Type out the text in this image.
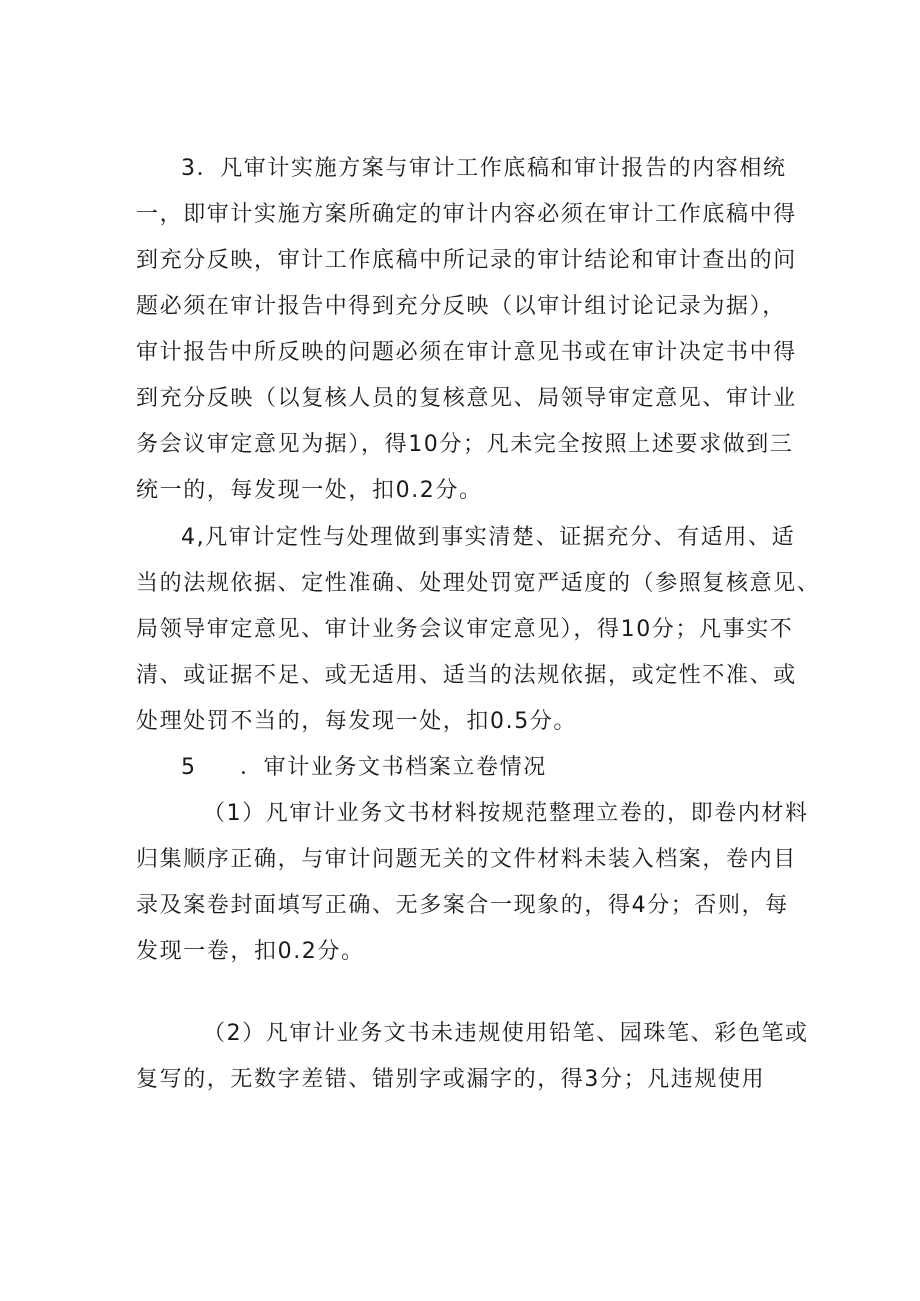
3．凡审计实施方案与审计工作底稿和审计报告的内容相统
一，即审计实施方案所确定的审计内容必须在审计工作底稿中得
到充分反映，审计工作底稿中所记录的审计结论和审计查出的问
题必须在审计报告中得到充分反映（以审计组讨论记录为据），
审计报告中所反映的问题必须在审计意见书或在审计决定书中得
到充分反映（以复核人员的复核意见、局领导审定意见、审计业
务会议审定意见为据），得10分；凡未完全按照上述要求做到三
统一的，每发现一处，扣0.2分。
4,凡审计定性与处理做到事实清楚、证据充分、有适用、适
当的法规依据、定性准确、处理处罚宽严适度的（参照复核意见、
局领导审定意见、审计业务会议审定意见），得10分；凡事实不
清、或证据不足、或无适用、适当的法规依据，或定性不准、或
处理处罚不当的，每发现一处，扣0.5分。
5 ．审计业务文书档案立卷情况
（1）凡审计业务文书材料按规范整理立卷的，即卷内材料
归集顺序正确，与审计问题无关的文件材料未装入档案，卷内目
录及案卷封面填写正确、无多案合一现象的，得4分；否则，每
发现一卷，扣0.2分。
（2）凡审计业务文书未违规使用铅笔、园珠笔、彩色笔或
复写的，无数字差错、错别字或漏字的，得3分；凡违规使用
